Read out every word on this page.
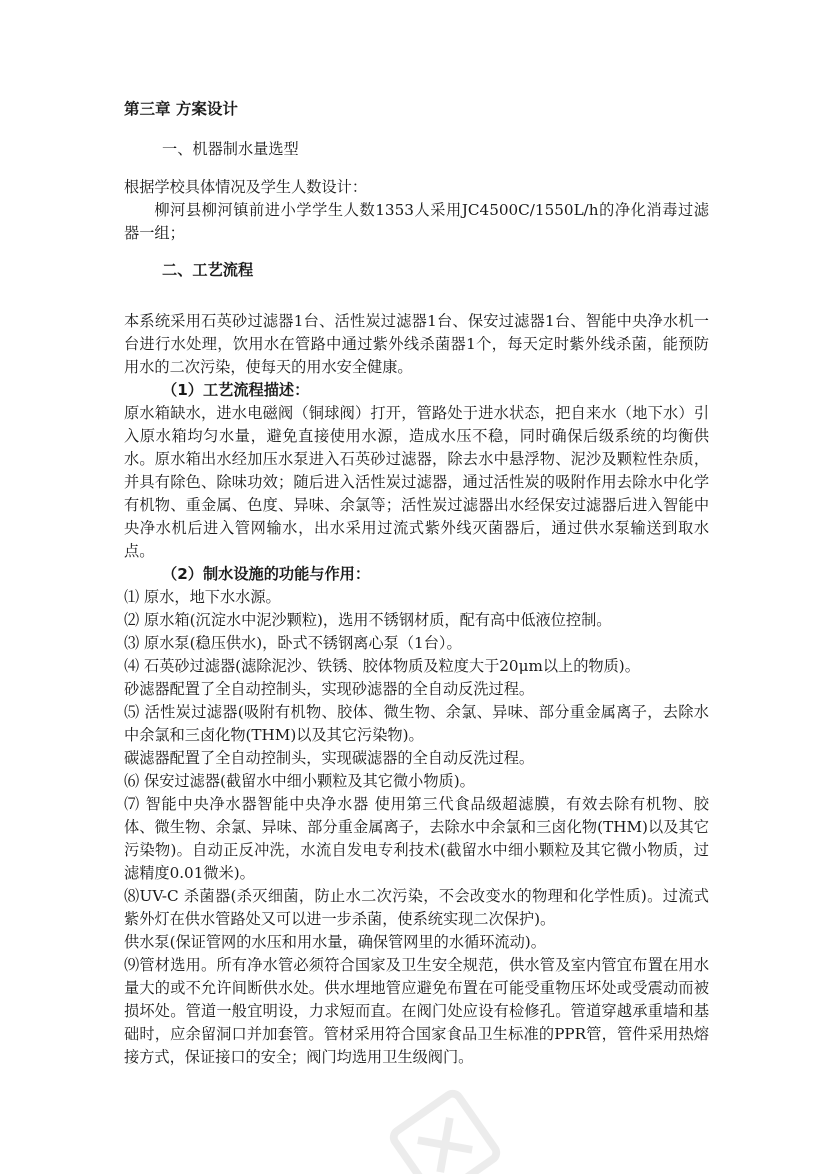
第三章 方案设计

一、机器制水量选型

根据学校具体情况及学生人数设计：

柳河县柳河镇前进小学学生人数1353人采用JC4500C/1550L/h的净化消毒过滤器一组；

二、工艺流程

本系统采用石英砂过滤器1台、活性炭过滤器1台、保安过滤器1台、智能中央净水机一台进行水处理，饮用水在管路中通过紫外线杀菌器1个，每天定时紫外线杀菌，能预防用水的二次污染，使每天的用水安全健康。

（1）工艺流程描述：

原水箱缺水，进水电磁阀（铜球阀）打开，管路处于进水状态，把自来水（地下水）引入原水箱均匀水量，避免直接使用水源，造成水压不稳，同时确保后级系统的均衡供水。原水箱出水经加压水泵进入石英砂过滤器，除去水中悬浮物、泥沙及颗粒性杂质，并具有除色、除味功效；随后进入活性炭过滤器，通过活性炭的吸附作用去除水中化学有机物、重金属、色度、异味、余氯等；活性炭过滤器出水经保安过滤器后进入智能中央净水机后进入管网输水，出水采用过流式紫外线灭菌器后，通过供水泵输送到取水点。

（2）制水设施的功能与作用：

⑴ 原水，地下水水源。

⑵ 原水箱(沉淀水中泥沙颗粒)，选用不锈钢材质，配有高中低液位控制。

⑶ 原水泵(稳压供水)，卧式不锈钢离心泵（1台）。

⑷ 石英砂过滤器(滤除泥沙、铁锈、胶体物质及粒度大于20μm以上的物质)。

砂滤器配置了全自动控制头，实现砂滤器的全自动反洗过程。

⑸ 活性炭过滤器(吸附有机物、胶体、微生物、余氯、异味、部分重金属离子，去除水中余氯和三卤化物(THM)以及其它污染物)。

碳滤器配置了全自动控制头，实现碳滤器的全自动反洗过程。

⑹ 保安过滤器(截留水中细小颗粒及其它微小物质)。

⑺ 智能中央净水器智能中央净水器 使用第三代食品级超滤膜，有效去除有机物、胶体、微生物、余氯、异味、部分重金属离子，去除水中余氯和三卤化物(THM)以及其它污染物)。自动正反冲洗，水流自发电专利技术(截留水中细小颗粒及其它微小物质，过滤精度0.01微米)。

⑻UV-C 杀菌器(杀灭细菌，防止水二次污染，不会改变水的物理和化学性质)。过流式紫外灯在供水管路处又可以进一步杀菌，使系统实现二次保护)。

供水泵(保证管网的水压和用水量，确保管网里的水循环流动)。

⑼管材选用。所有净水管必须符合国家及卫生安全规范，供水管及室内管宜布置在用水量大的或不允许间断供水处。供水埋地管应避免布置在可能受重物压坏处或受震动而被损坏处。管道一般宜明设，力求短而直。在阀门处应设有检修孔。管道穿越承重墙和基础时，应余留洞口并加套管。管材采用符合国家食品卫生标准的PPR管，管件采用热熔接方式，保证接口的安全；阀门均选用卫生级阀门。
